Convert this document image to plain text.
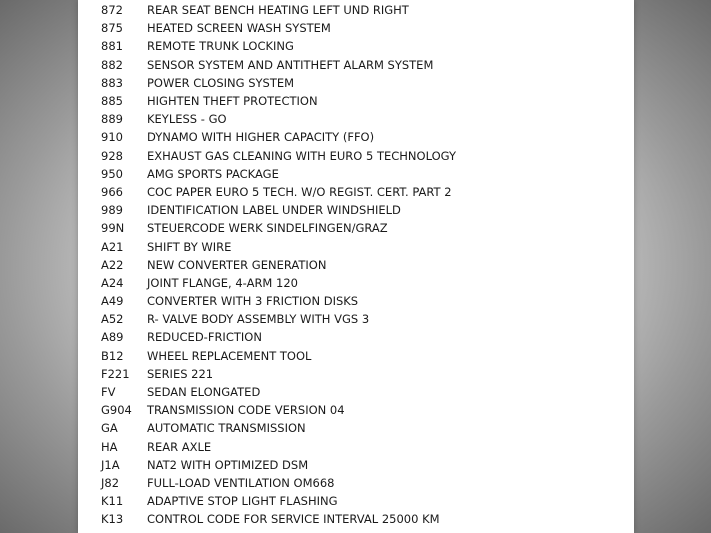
872	REAR SEAT BENCH HEATING LEFT UND RIGHT
875	HEATED SCREEN WASH SYSTEM
881	REMOTE TRUNK LOCKING
882	SENSOR SYSTEM AND ANTITHEFT ALARM SYSTEM
883	POWER CLOSING SYSTEM
885	HIGHTEN THEFT PROTECTION
889	KEYLESS - GO
910	DYNAMO WITH HIGHER CAPACITY (FFO)
928	EXHAUST GAS CLEANING WITH EURO 5 TECHNOLOGY
950	AMG SPORTS PACKAGE
966	COC PAPER EURO 5 TECH. W/O REGIST. CERT. PART 2
989	IDENTIFICATION LABEL UNDER WINDSHIELD
99N	STEUERCODE WERK SINDELFINGEN/GRAZ
A21	SHIFT BY WIRE
A22	NEW CONVERTER GENERATION
A24	JOINT FLANGE, 4-ARM 120
A49	CONVERTER WITH 3 FRICTION DISKS
A52	R- VALVE BODY ASSEMBLY WITH VGS 3
A89	REDUCED-FRICTION
B12	WHEEL REPLACEMENT TOOL
F221	SERIES 221
FV	SEDAN ELONGATED
G904	TRANSMISSION CODE VERSION 04
GA	AUTOMATIC TRANSMISSION
HA	REAR AXLE
J1A	NAT2 WITH OPTIMIZED DSM
J82	FULL-LOAD VENTILATION OM668
K11	ADAPTIVE STOP LIGHT FLASHING
K13	CONTROL CODE FOR SERVICE INTERVAL 25000 KM
